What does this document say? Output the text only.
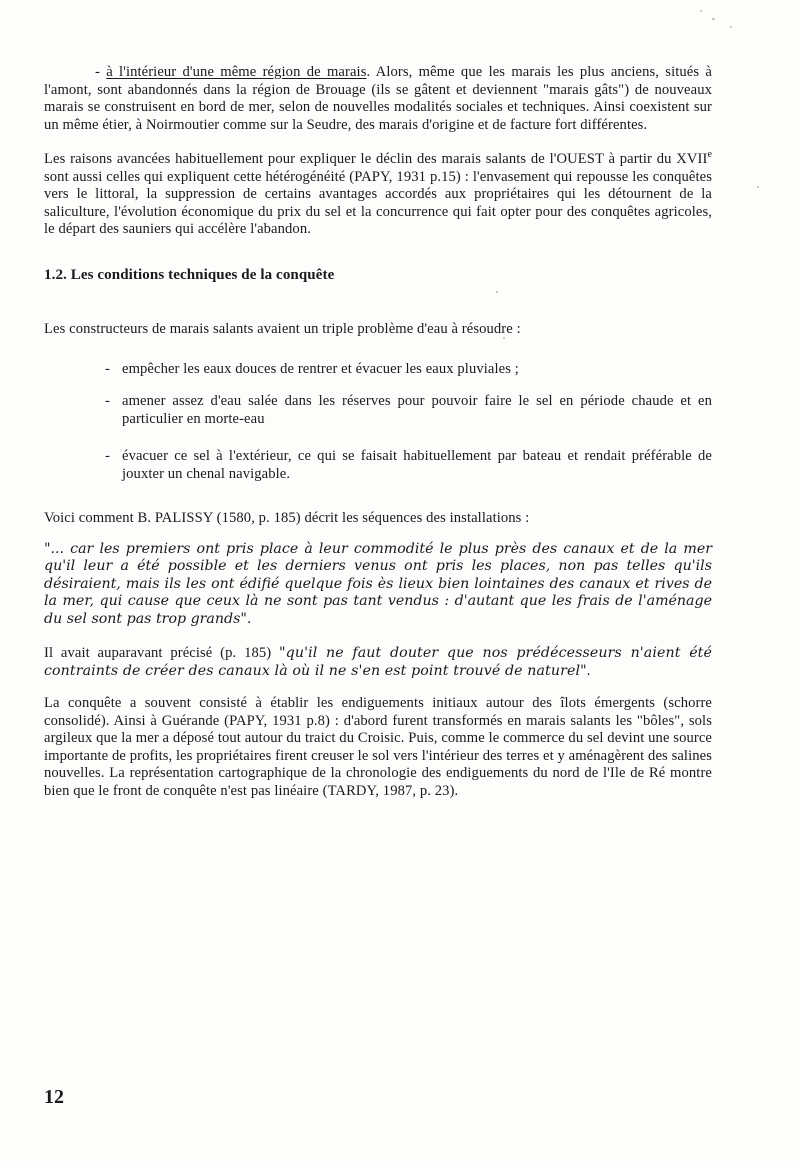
- à l'intérieur d'une même région de marais. Alors, même que les marais les plus anciens, situés à l'amont, sont abandonnés dans la région de Brouage (ils se gâtent et deviennent "marais gâts") de nouveaux marais se construisent en bord de mer, selon de nouvelles modalités sociales et techniques. Ainsi coexistent sur un même étier, à Noirmoutier comme sur la Seudre, des marais d'origine et de facture fort différentes.

Les raisons avancées habituellement pour expliquer le déclin des marais salants de l'OUEST à partir du XVIIe sont aussi celles qui expliquent cette hétérogénéité (PAPY, 1931 p.15) : l'envasement qui repousse les conquêtes vers le littoral, la suppression de certains avantages accordés aux propriétaires qui les détournent de la saliculture, l'évolution économique du prix du sel et la concurrence qui fait opter pour des conquêtes agricoles, le départ des sauniers qui accélère l'abandon.

1.2. Les conditions techniques de la conquête

Les constructeurs de marais salants avaient un triple problème d'eau à résoudre :

- empêcher les eaux douces de rentrer et évacuer les eaux pluviales ;
- amener assez d'eau salée dans les réserves pour pouvoir faire le sel en période chaude et en particulier en morte-eau
- évacuer ce sel à l'extérieur, ce qui se faisait habituellement par bateau et rendait préférable de jouxter un chenal navigable.

Voici comment B. PALISSY (1580, p. 185) décrit les séquences des installations :

"... car les premiers ont pris place à leur commodité le plus près des canaux et de la mer qu'il leur a été possible et les derniers venus ont pris les places, non pas telles qu'ils désiraient, mais ils les ont édifié quelque fois ès lieux bien lointaines des canaux et rives de la mer, qui cause que ceux là ne sont pas tant vendus : d'autant que les frais de l'aménage du sel sont pas trop grands".

Il avait auparavant précisé (p. 185) "qu'il ne faut douter que nos prédécesseurs n'aient été contraints de créer des canaux là où il ne s'en est point trouvé de naturel".

La conquête a souvent consisté à établir les endiguements initiaux autour des îlots émergents (schorre consolidé). Ainsi à Guérande (PAPY, 1931 p.8) : d'abord furent transformés en marais salants les "bôles", sols argileux que la mer a déposé tout autour du traict du Croisic. Puis, comme le commerce du sel devint une source importante de profits, les propriétaires firent creuser le sol vers l'intérieur des terres et y aménagèrent des salines nouvelles. La représentation cartographique de la chronologie des endiguements du nord de l'Ile de Ré montre bien que le front de conquête n'est pas linéaire (TARDY, 1987, p. 23).

12
